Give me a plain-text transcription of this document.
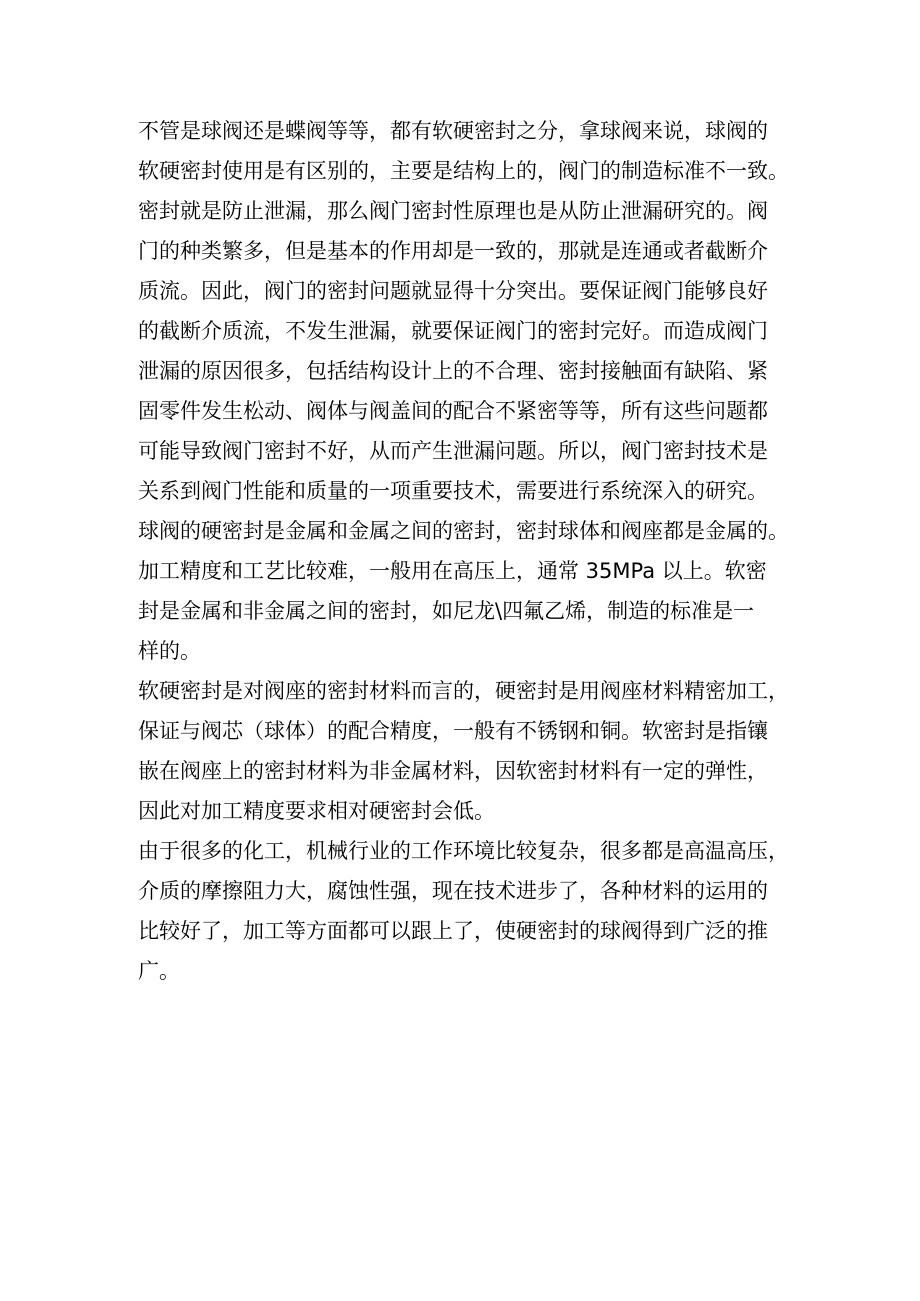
不管是球阀还是蝶阀等等，都有软硬密封之分，拿球阀来说，球阀的
软硬密封使用是有区别的，主要是结构上的，阀门的制造标准不一致。
密封就是防止泄漏，那么阀门密封性原理也是从防止泄漏研究的。阀
门的种类繁多，但是基本的作用却是一致的，那就是连通或者截断介
质流。因此，阀门的密封问题就显得十分突出。要保证阀门能够良好
的截断介质流，不发生泄漏，就要保证阀门的密封完好。而造成阀门
泄漏的原因很多，包括结构设计上的不合理、密封接触面有缺陷、紧
固零件发生松动、阀体与阀盖间的配合不紧密等等，所有这些问题都
可能导致阀门密封不好，从而产生泄漏问题。所以，阀门密封技术是
关系到阀门性能和质量的一项重要技术，需要进行系统深入的研究。
球阀的硬密封是金属和金属之间的密封，密封球体和阀座都是金属的。
加工精度和工艺比较难，一般用在高压上，通常 35MPa 以上。软密
封是金属和非金属之间的密封，如尼龙\四氟乙烯，制造的标准是一
样的。
软硬密封是对阀座的密封材料而言的，硬密封是用阀座材料精密加工，
保证与阀芯（球体）的配合精度，一般有不锈钢和铜。软密封是指镶
嵌在阀座上的密封材料为非金属材料，因软密封材料有一定的弹性，
因此对加工精度要求相对硬密封会低。
由于很多的化工，机械行业的工作环境比较复杂，很多都是高温高压，
介质的摩擦阻力大，腐蚀性强，现在技术进步了，各种材料的运用的
比较好了，加工等方面都可以跟上了，使硬密封的球阀得到广泛的推
广。
